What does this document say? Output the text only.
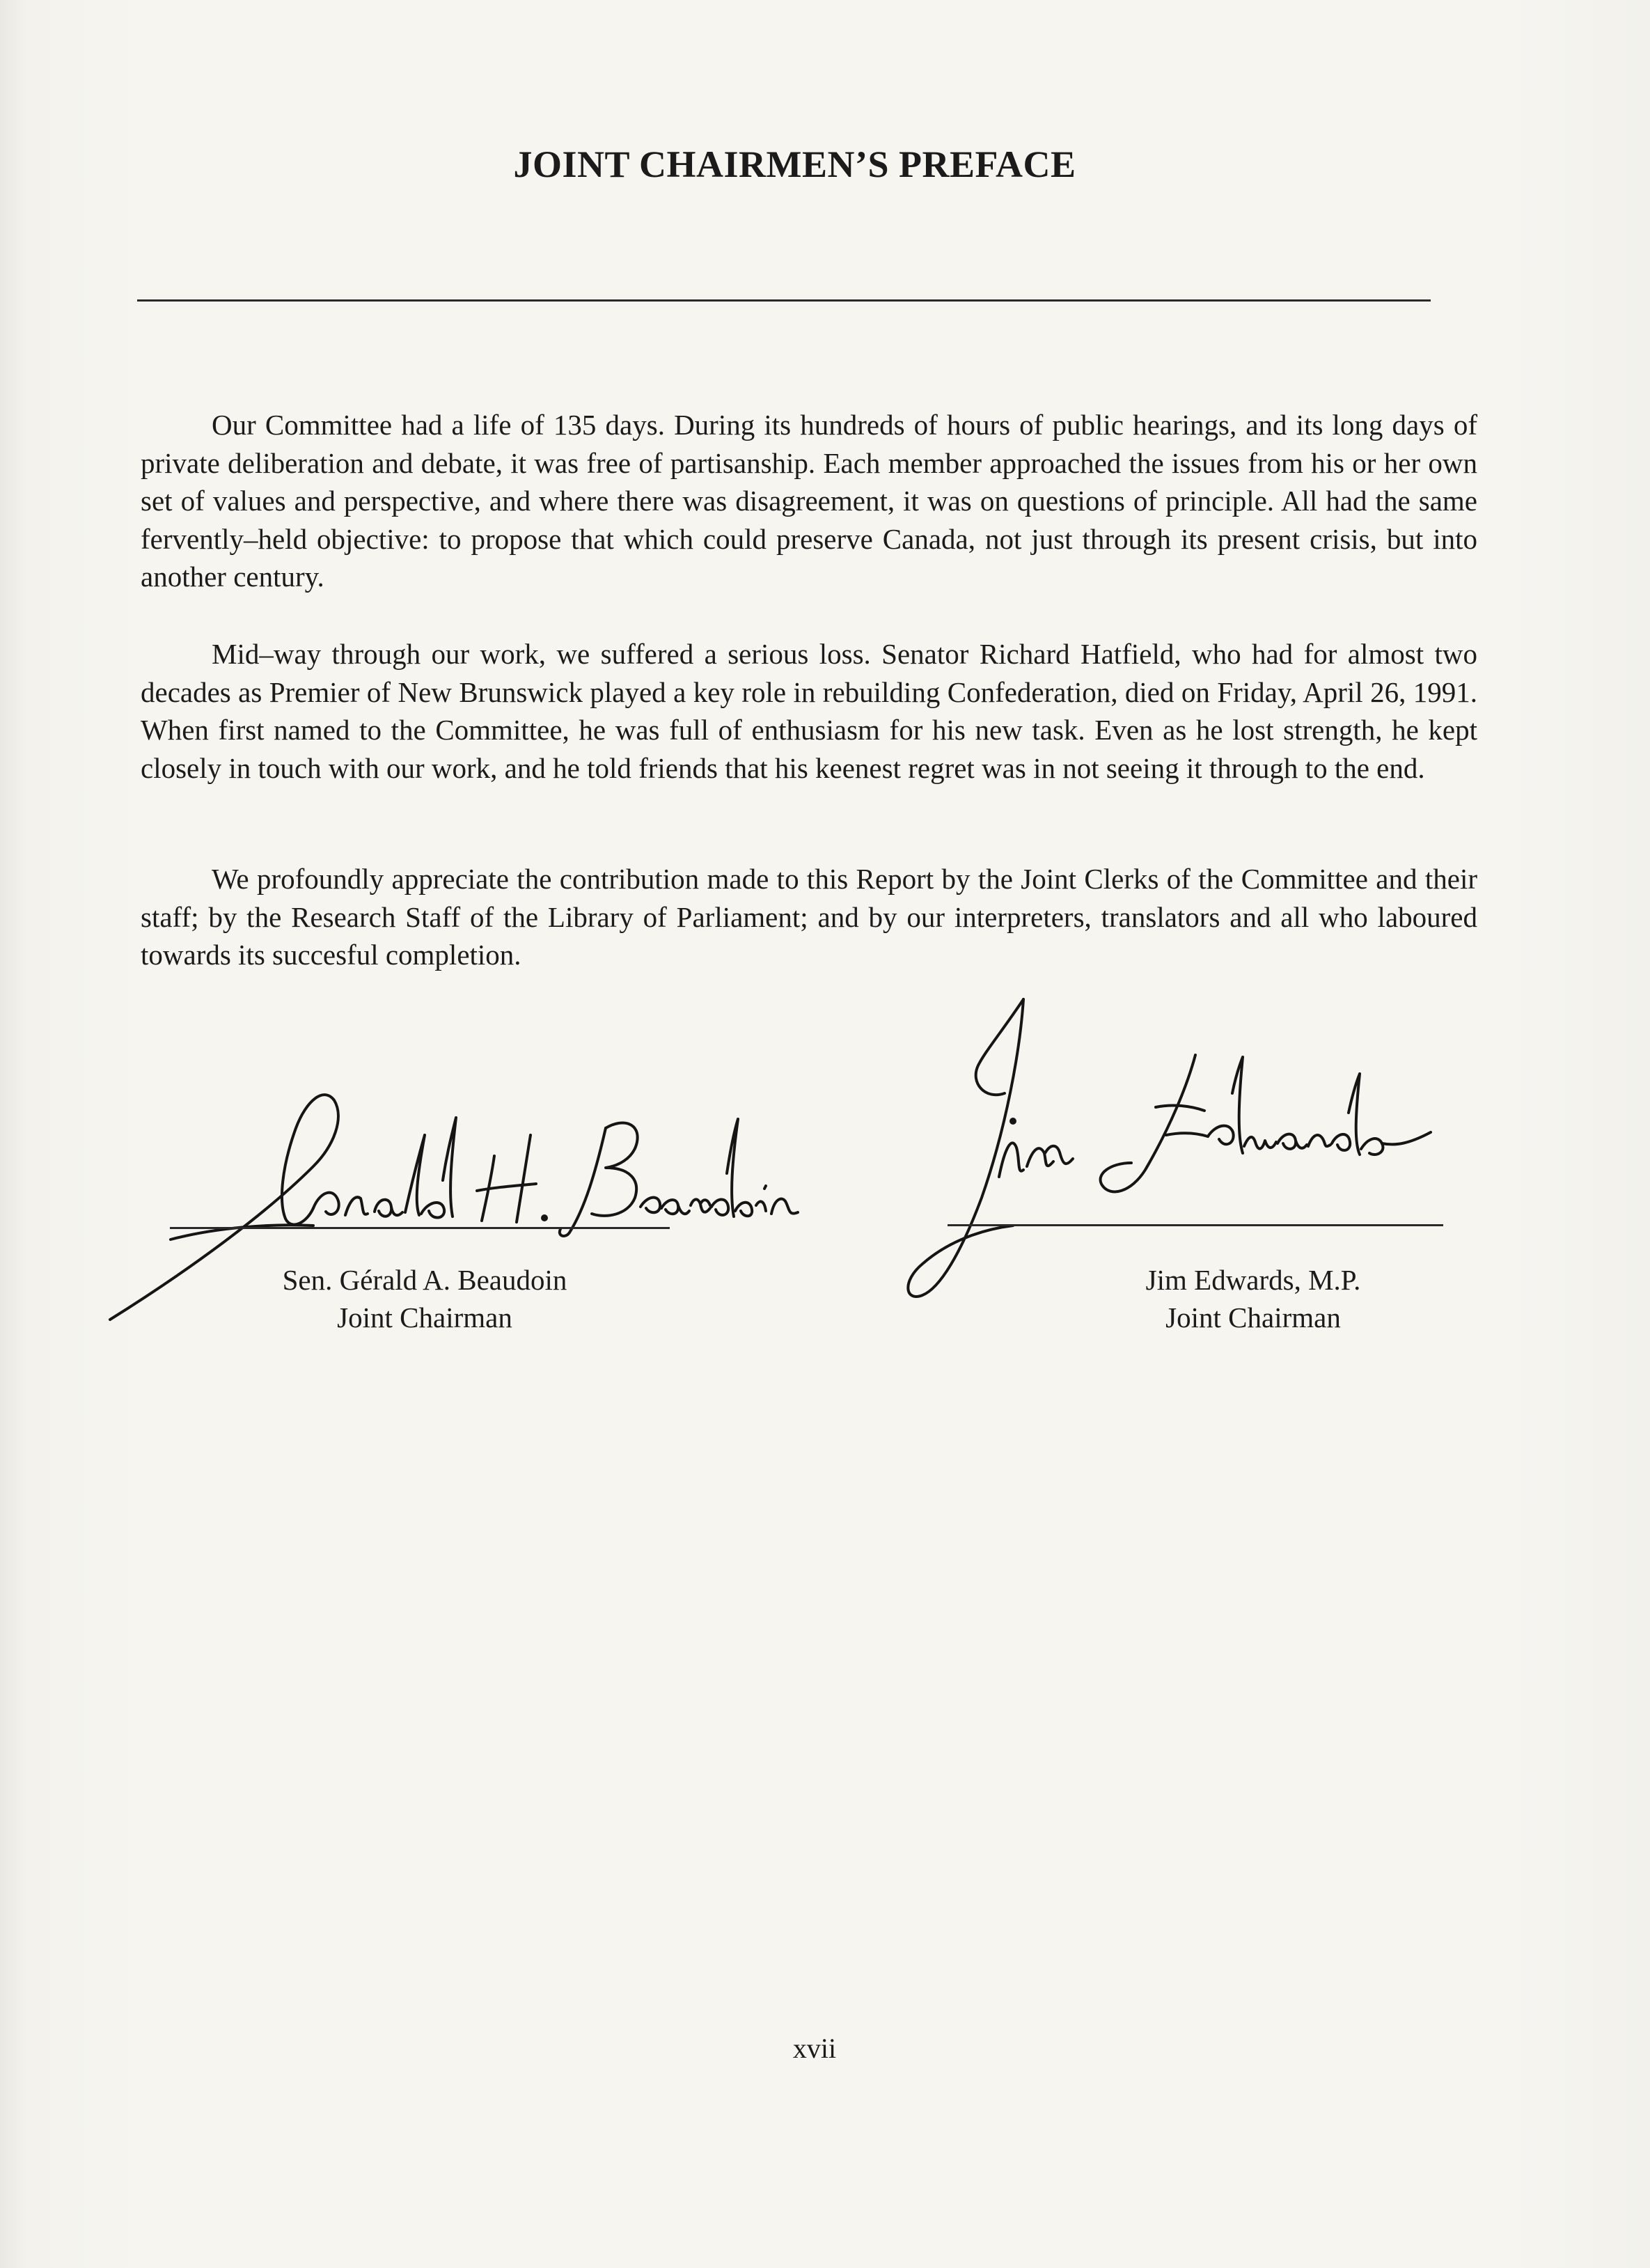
JOINT CHAIRMEN’S PREFACE

Our Committee had a life of 135 days. During its hundreds of hours of public hearings, and its long days of private deliberation and debate, it was free of partisanship. Each member approached the issues from his or her own set of values and perspective, and where there was disagreement, it was on questions of principle. All had the same fervently–held objective: to propose that which could preserve Canada, not just through its present crisis, but into another century.

Mid–way through our work, we suffered a serious loss. Senator Richard Hatfield, who had for almost two decades as Premier of New Brunswick played a key role in rebuilding Confederation, died on Friday, April 26, 1991. When first named to the Committee, he was full of enthusiasm for his new task. Even as he lost strength, he kept closely in touch with our work, and he told friends that his keenest regret was in not seeing it through to the end.

We profoundly appreciate the contribution made to this Report by the Joint Clerks of the Committee and their staff; by the Research Staff of the Library of Parliament; and by our interpreters, translators and all who laboured towards its succesful completion.

Sen. Gérald A. Beaudoin
Joint Chairman
Jim Edwards, M.P.
Joint Chairman
xvii
